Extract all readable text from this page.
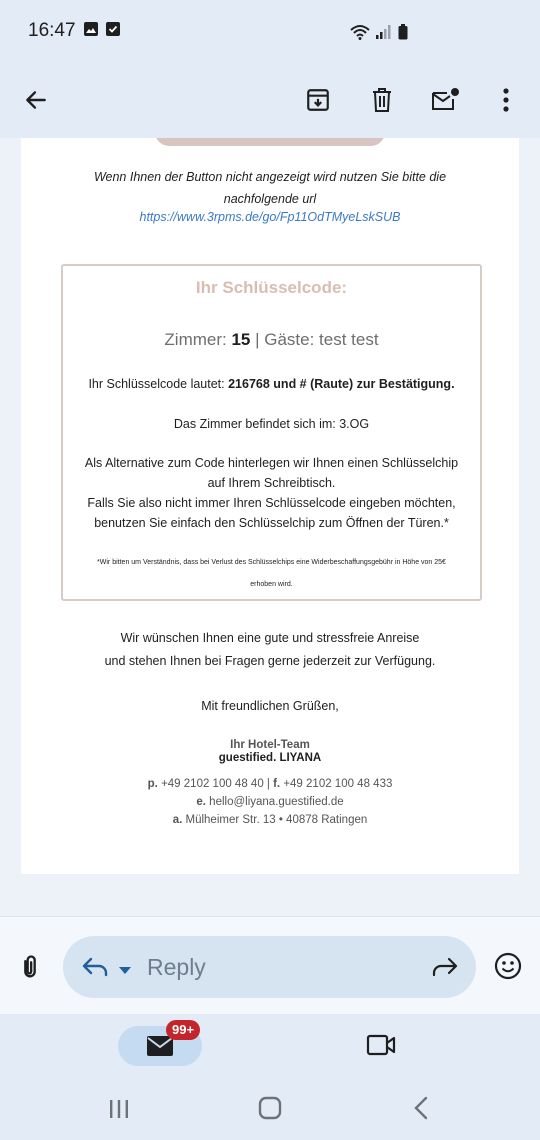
16:47
Wenn Ihnen der Button nicht angezeigt wird nutzen Sie bitte die
nachfolgende url
https://www.3rpms.de/go/Fp11OdTMyeLskSUB
Ihr Schlüsselcode:
Zimmer: 15 | Gäste: test test
Ihr Schlüsselcode lautet: 216768 und # (Raute) zur Bestätigung.
Das Zimmer befindet sich im: 3.OG
Als Alternative zum Code hinterlegen wir Ihnen einen Schlüsselchip
auf Ihrem Schreibtisch.
Falls Sie also nicht immer Ihren Schlüsselcode eingeben möchten,
benutzen Sie einfach den Schlüsselchip zum Öffnen der Türen.*
*Wir bitten um Verständnis, dass bei Verlust des Schlüsselchips eine Widerbeschaffungsgebühr in Höhe von 25€
erhoben wird.
Wir wünschen Ihnen eine gute und stressfreie Anreise
und stehen Ihnen bei Fragen gerne jederzeit zur Verfügung.
Mit freundlichen Grüßen,
Ihr Hotel-Team
guestified. LIYANA
p. +49 2102 100 48 40 | f. +49 2102 100 48 433
e. hello@liyana.guestified.de
a. Mülheimer Str. 13 • 40878 Ratingen
Reply
99+
